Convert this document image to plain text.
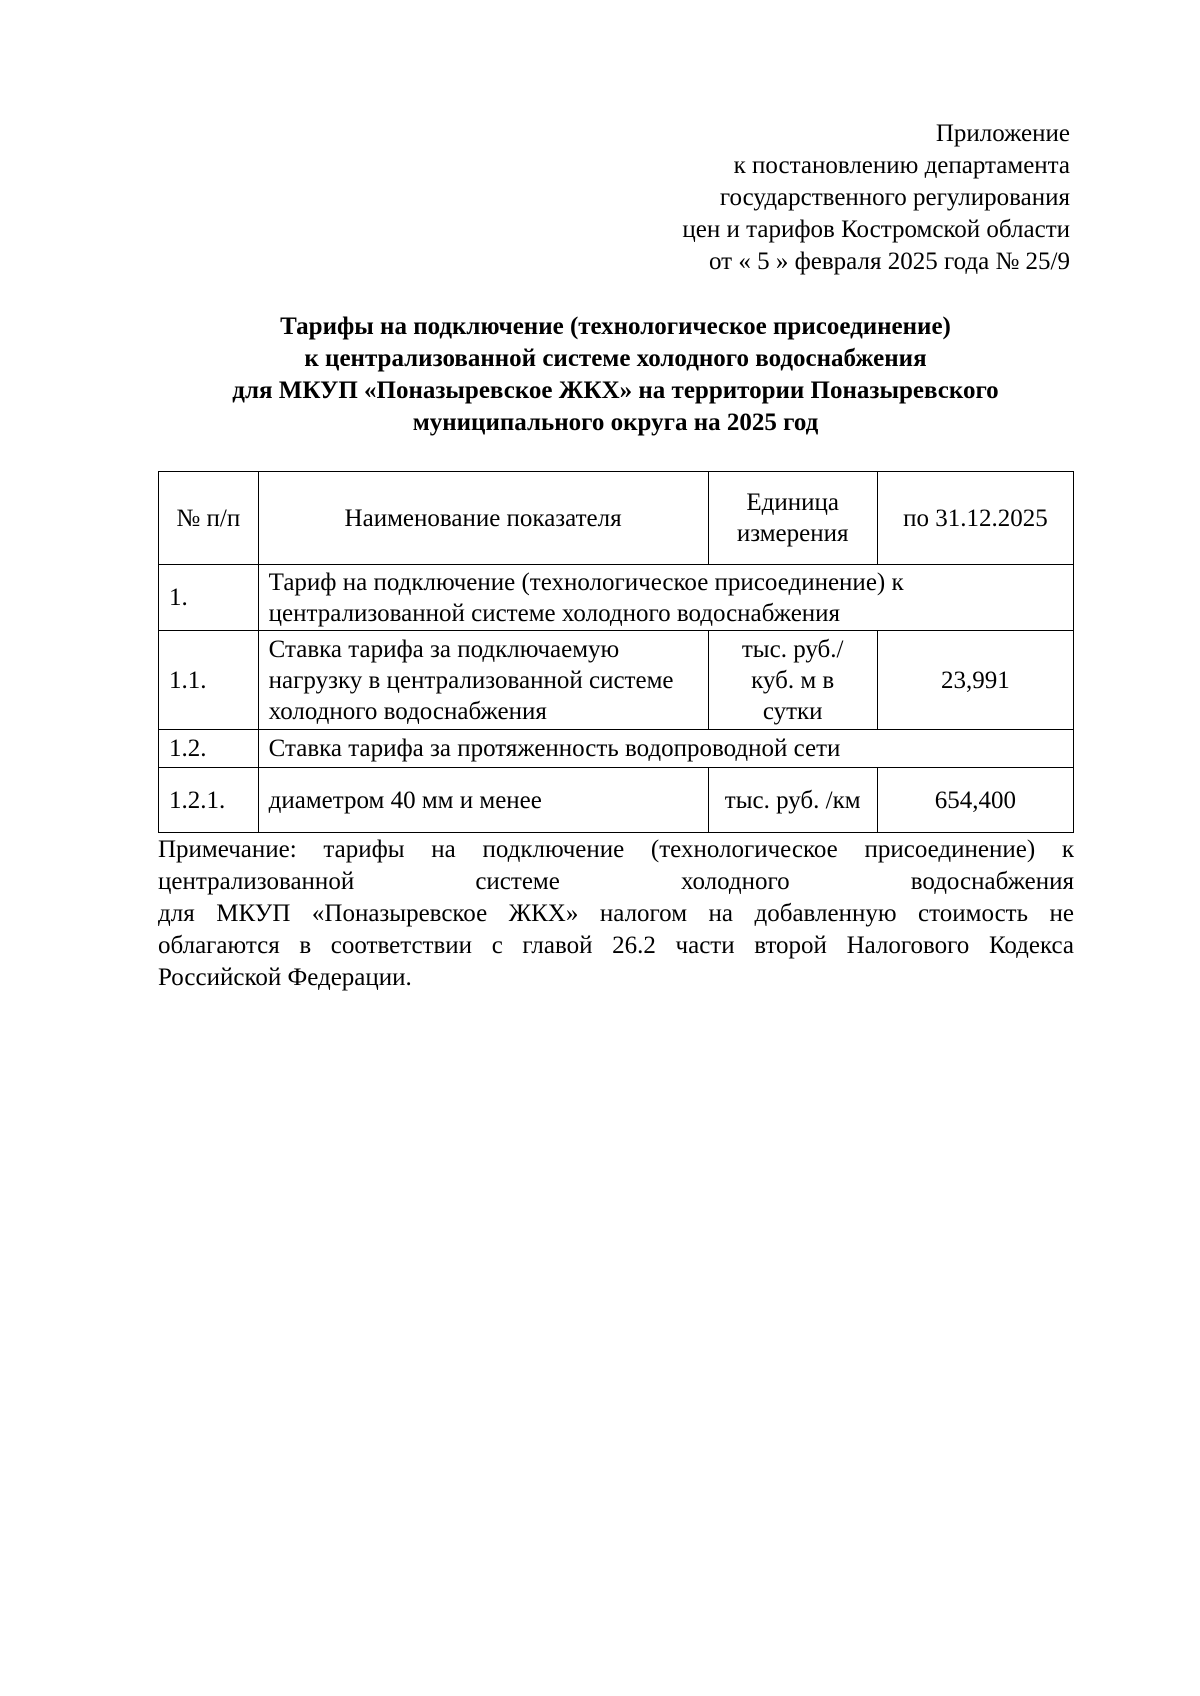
Приложение
к постановлению департамента
государственного регулирования
цен и тарифов Костромской области
от « 5 » февраля 2025 года № 25/9
Тарифы на подключение (технологическое присоединение)
к централизованной системе холодного водоснабжения
для МКУП «Поназыревское ЖКХ» на территории Поназыревского
муниципального округа на 2025 год
№ п/п	Наименование показателя	Единица измерения	по 31.12.2025
1.	Тариф на подключение (технологическое присоединение) к централизованной системе холодного водоснабжения		
1.1.	Ставка тарифа за подключаемую нагрузку в централизованной системе холодного водоснабжения	тыс. руб./ куб. м в сутки	23,991
1.2.	Ставка тарифа за протяженность водопроводной сети		
1.2.1.	диаметром 40 мм и менее	тыс. руб. /км	654,400
Примечание: тарифы на подключение (технологическое присоединение) к
централизованной системе холодного водоснабжения
для МКУП «Поназыревское ЖКХ» налогом на добавленную стоимость не
облагаются в соответствии с главой 26.2 части второй Налогового Кодекса
Российской Федерации.
